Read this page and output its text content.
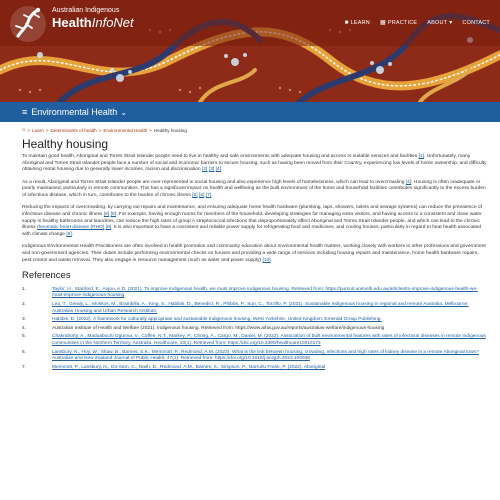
Australian Indigenous
HealthInfoNet	■ LEARN ▦ PRACTICE ABOUT ▾ CONTACT
≡ Environmental Health ⌄
⌂ > Learn > Determinants of health > Environmental Health > Healthy housing
Healthy housing

To maintain good health, Aboriginal and Torres Strait Islander people need to live in healthy and safe environments with adequate housing and access to suitable services and facilities [1]. Unfortunately, many Aboriginal and Torres Strait Islander people face a number of social and economic barriers to secure housing, such as having been moved from their Country, experiencing low levels of home ownership, and difficulty obtaining rental housing due to generally lower incomes, racism and discrimination [2] [3] [4].

As a result, Aboriginal and Torres Strait Islander people are over-represented in social housing and also experience high levels of homelessness, which can lead to overcrowding [4]. Housing is often inadequate or poorly maintained, particularly in remote communities. This has a significant impact on health and wellbeing as the built environment of the home and household facilities contributes significantly to the excess burden of infectious disease, which in turn, contributes to the burden of chronic illness [5] [6] [7].

Reducing the impacts of overcrowding, by carrying out repairs and maintenance, and ensuring adequate home health hardware (plumbing, taps, showers, toilets and sewage systems) can reduce the prevalence of infectious disease and chronic illness [6] [8]. For example, having enough rooms for members of the household, developing strategies for managing extra visitors, and having access to a consistent and clean water supply in healthy bathrooms and laundries, can reduce the high rates of group A streptococcal infections that disproportionately affect Aboriginal and Torres Strait Islander people, and which can lead to the chronic illness rheumatic heart disease (RHD) [8]. It is also important to have a consistent and reliable power supply for refrigerating food and medicines, and cooling houses, particularly in regard to heat health associated with climate change [9].

Indigenous Environmental Health Practitioners are often involved in health promotion and community education about environmental health matters, working closely with workers in other professions and government and non-government agencies. Their duties include performing environmental checks on houses and providing a wide range of services including housing repairs and maintenance, home health hardware repairs, pest control and waste removal. They also engage in resource management (such as water and power supply) [10].

References
1.	Taylor, H., Stanford, E., Anjou, A.D. (2021). To improve Indigenous health, we must improve Indigenous housing. Retrieved from: https://pursuit.unimelb.edu.au/articles/to-improve-indigenous-health-we-must-improve-indigenous-housing
2.	Lea, T., Grealy, L., Moskos, M., Brambilla, A., King, S., Habibis, D., Benedict, R., Phibbs, P., Sun, C., Torzillo, P. (2021). Sustainable Indigenous housing in regional and remote Australia. Melbourne: Australian Housing and Urban Research Institute.
3.	Habibis, D. (2022). A framework for culturally appropriate and sustainable Indigenous housing. West Yorkshire, United Kingdom: Emerald Group Publishing.
4.	Australian Institute of Health and Welfare (2021). Indigenous housing. Retrieved from: https://www.aihw.gov.au/reports/australias-welfare/indigenous-housing
5.	Chakraborty, A., Maduabuchi Ogunna, V., Coffee, N.T., Markey, P., Chong, A., Cargo, M., Daniel, M. (2022). Association of built environmental features with rates of infectious diseases in remote Indigenous communities in the Northern Territory, Australia. Healthcare, 10(1). Retrieved from: https://doi.org/10.3390/healthcare10010173
6.	Lansbury, N., Hoy, W., Shaw, B., Barnes, S.K., Memmott, P., Redmond, A.M. (2023). What is the link between housing, crowding, infections and high rates of kidney disease in a remote Aboriginal town? Australian and New Zealand Journal of Public Health, 47(2). Retrieved from: https://doi.org/10.1016/j.anzjph.2023.100038
7.	Memmott, P., Lansbury, N., Go-Sam, C., Nash, D., Redmond, A.M., Barnes, S., Simpson, P., Narrurlu Frank, P. (2022). Aboriginal
